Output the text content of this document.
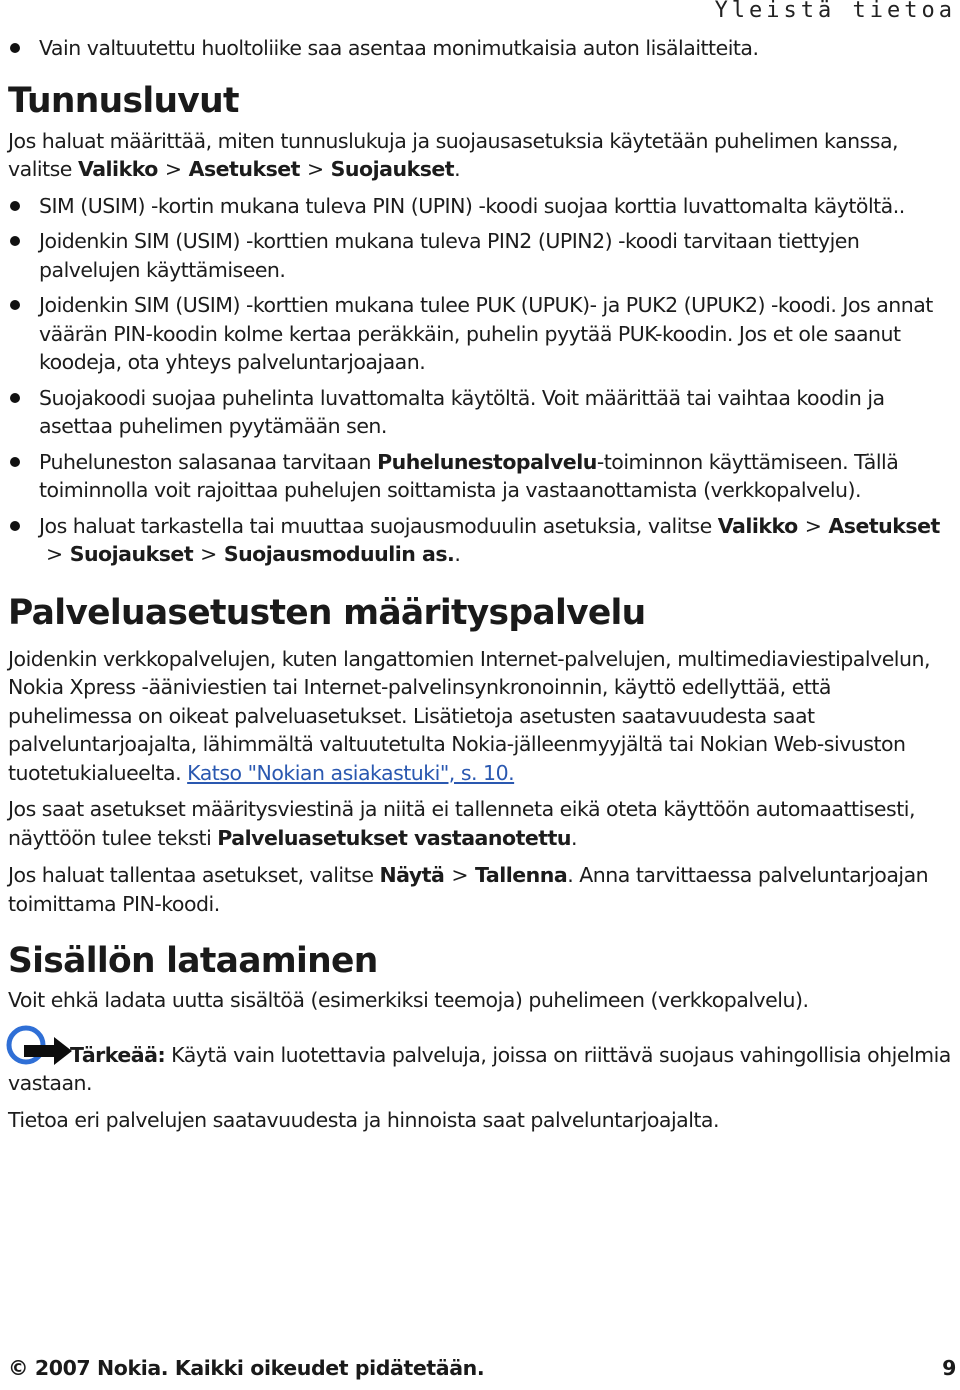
Yleistä tietoa
Vain valtuutettu huoltoliike saa asentaa monimutkaisia auton lisälaitteita.
Tunnusluvut

Jos haluat määrittää, miten tunnuslukuja ja suojausasetuksia käytetään puhelimen kanssa, valitse Valikko > Asetukset > Suojaukset.

SIM (USIM) -kortin mukana tuleva PIN (UPIN) -koodi suojaa korttia luvattomalta käytöltä..
Joidenkin SIM (USIM) -korttien mukana tuleva PIN2 (UPIN2) -koodi tarvitaan tiettyjen palvelujen käyttämiseen.
Joidenkin SIM (USIM) -korttien mukana tulee PUK (UPUK)- ja PUK2 (UPUK2) -koodi. Jos annat väärän PIN-koodin kolme kertaa peräkkäin, puhelin pyytää PUK-koodin. Jos et ole saanut koodeja, ota yhteys palveluntarjoajaan.
Suojakoodi suojaa puhelinta luvattomalta käytöltä. Voit määrittää tai vaihtaa koodin ja asettaa puhelimen pyytämään sen.
Puheluneston salasanaa tarvitaan Puhelunestopalvelu-toiminnon käyttämiseen. Tällä toiminnolla voit rajoittaa puhelujen soittamista ja vastaanottamista (verkkopalvelu).
Jos haluat tarkastella tai muuttaa suojausmoduulin asetuksia, valitse Valikko > Asetukset> Suojaukset > Suojausmoduulin as..
Palveluasetusten määrityspalvelu

Joidenkin verkkopalvelujen, kuten langattomien Internet-palvelujen, multimediaviestipalvelun, Nokia Xpress -ääniviestien tai Internet-palvelinsynkronoinnin, käyttö edellyttää, että puhelimessa on oikeat palveluasetukset. Lisätietoja asetusten saatavuudesta saat palveluntarjoajalta, lähimmältä valtuutetulta Nokia-jälleenmyyjältä tai Nokian Web-sivuston tuotetukialueelta. Katso "Nokian asiakastuki", s. 10.

Jos saat asetukset määritysviestinä ja niitä ei tallenneta eikä oteta käyttöön automaattisesti, näyttöön tulee teksti Palveluasetukset vastaanotettu.

Jos haluat tallentaa asetukset, valitse Näytä > Tallenna. Anna tarvittaessa palveluntarjoajan toimittama PIN-koodi.

Sisällön lataaminen

Voit ehkä ladata uutta sisältöä (esimerkiksi teemoja) puhelimeen (verkkopalvelu).

Tärkeää: Käytä vain luotettavia palveluja, joissa on riittävä suojaus vahingollisia ohjelmia vastaan.

Tietoa eri palvelujen saatavuudesta ja hinnoista saat palveluntarjoajalta.

© 2007 Nokia. Kaikki oikeudet pidätetään.	9
